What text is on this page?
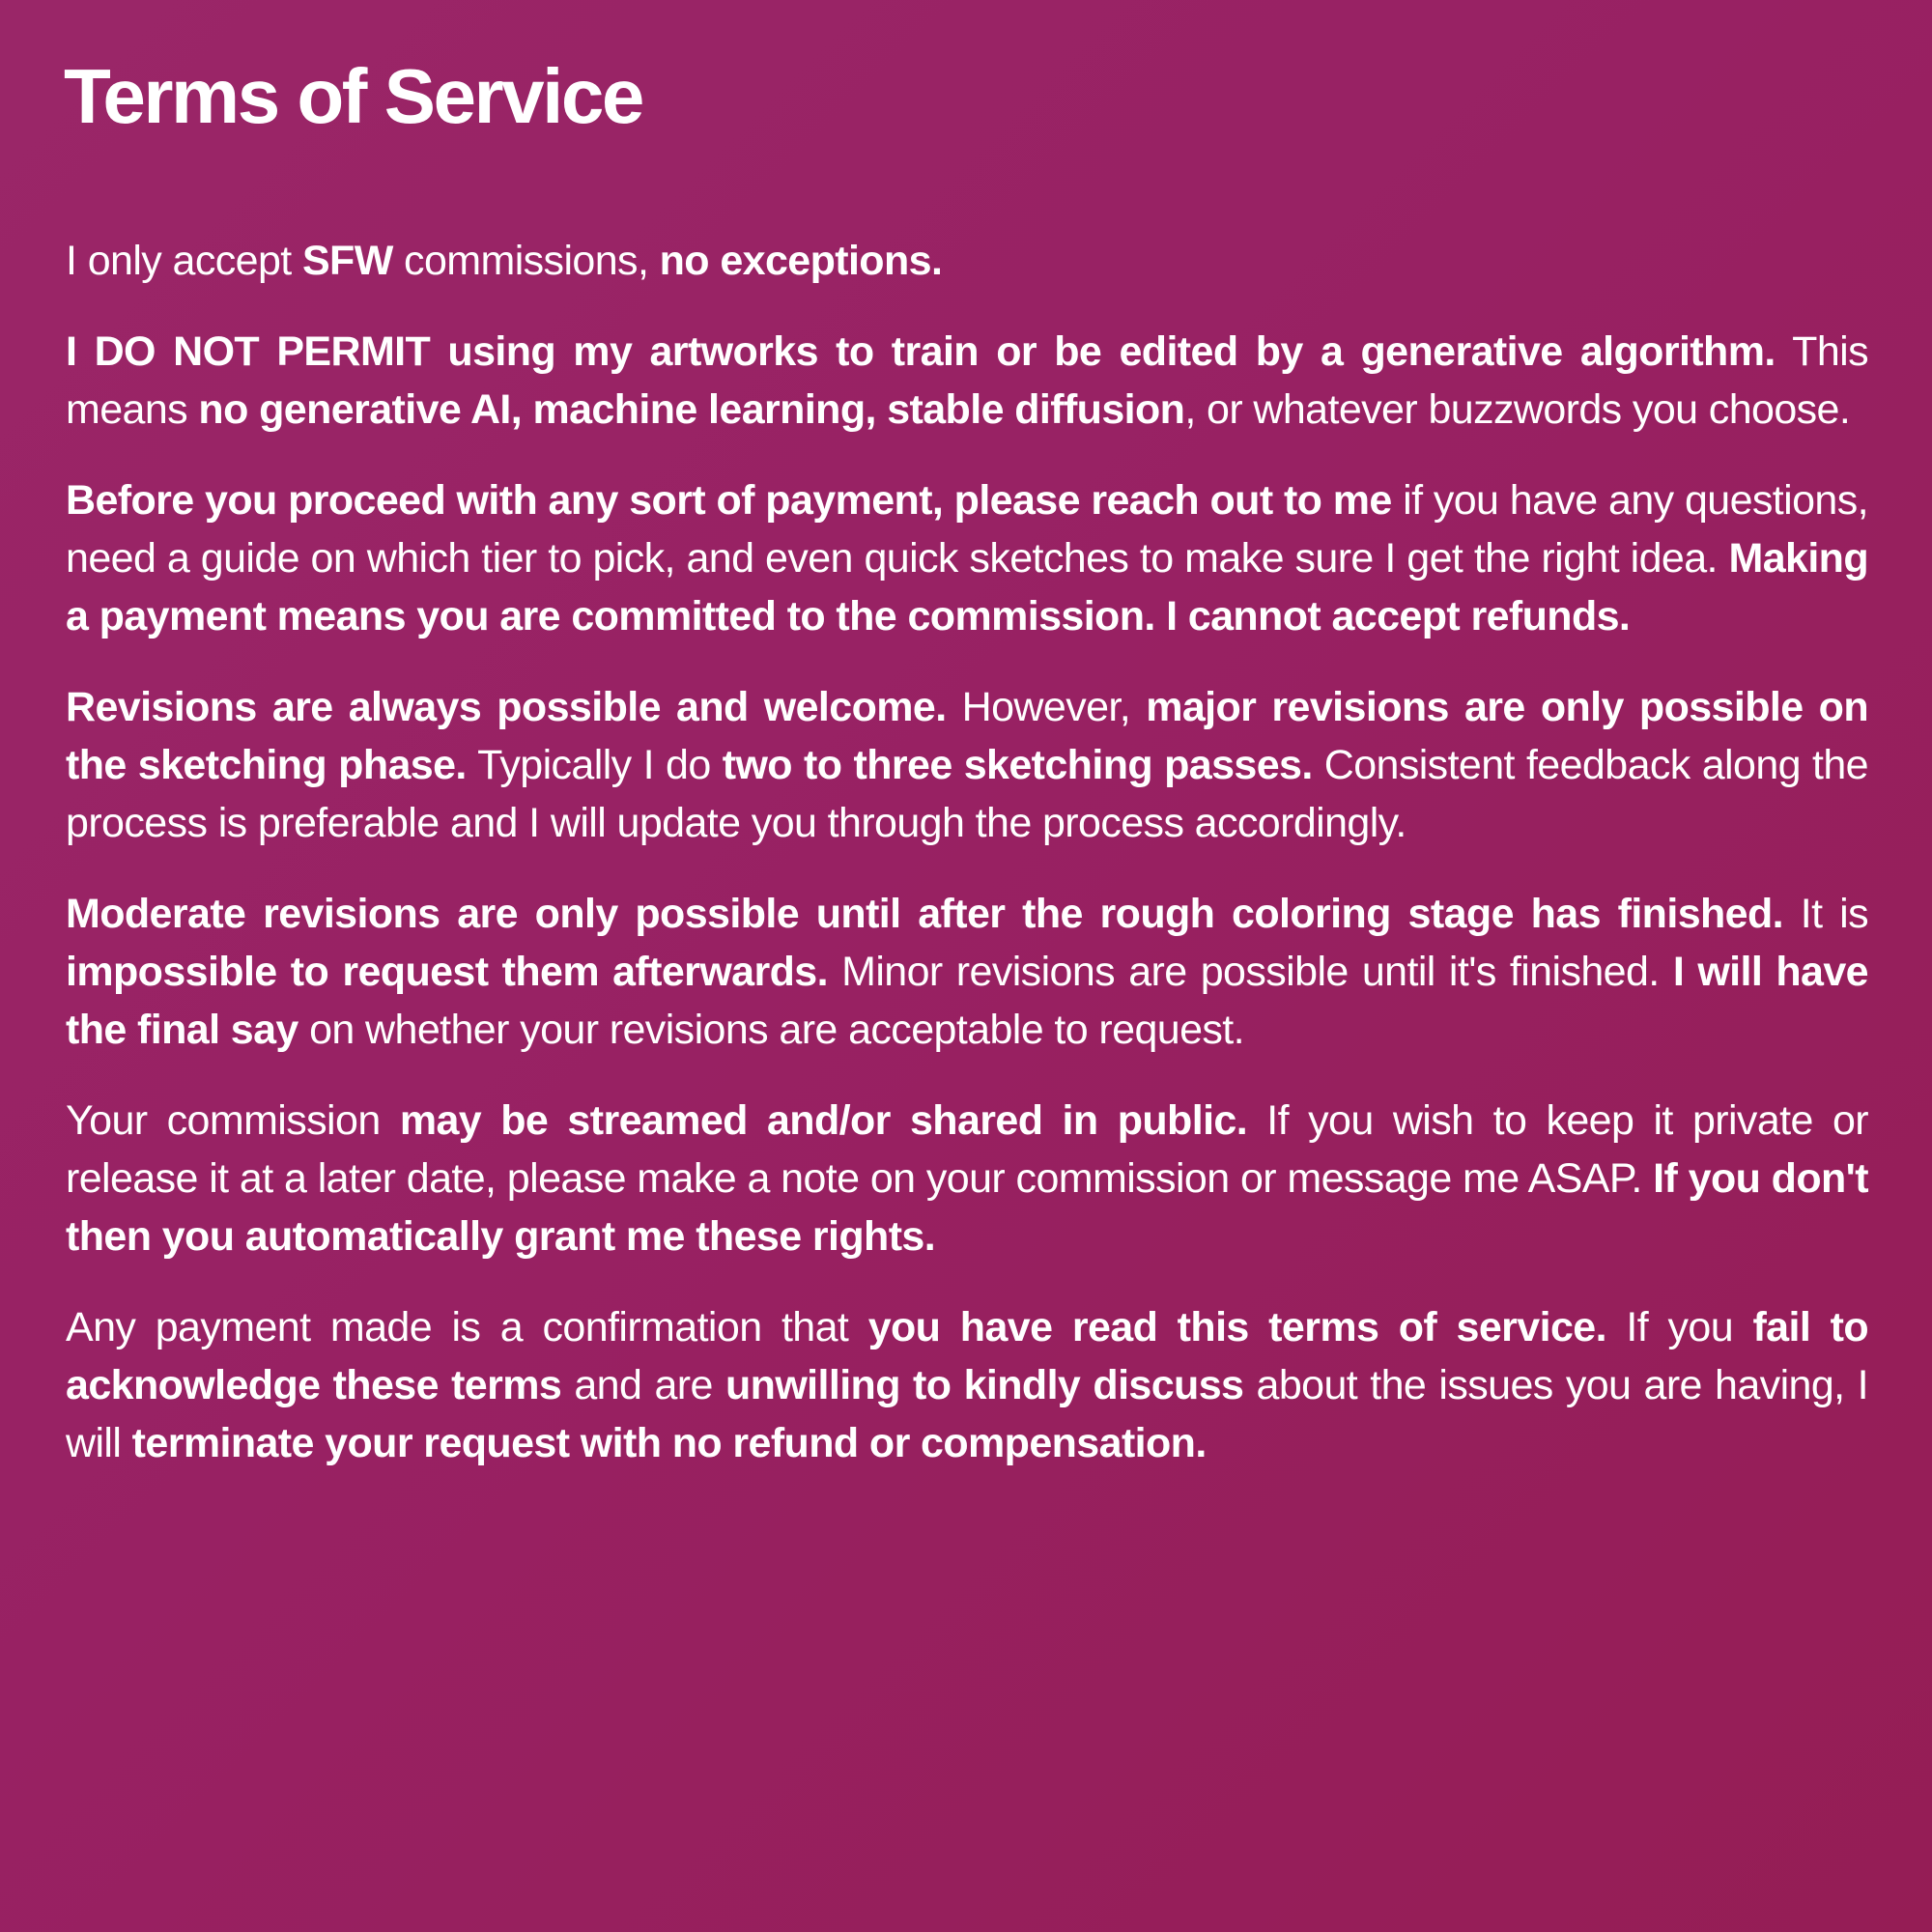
Terms of Service

I only accept SFW commissions, no exceptions.

I DO NOT PERMIT using my artworks to train or be edited by a generative algorithm. This means no generative AI, machine learning, stable diffusion, or whatever buzzwords you choose.

Before you proceed with any sort of payment, please reach out to me if you have any questions, need a guide on which tier to pick, and even quick sketches to make sure I get the right idea. Making a payment means you are committed to the commission. I cannot accept refunds.

Revisions are always possible and welcome. However, major revisions are only possible on the sketching phase. Typically I do two to three sketching passes. Consistent feedback along the process is preferable and I will update you through the process accordingly.

Moderate revisions are only possible until after the rough coloring stage has finished. It is impossible to request them afterwards. Minor revisions are possible until it's finished. I will have the final say on whether your revisions are acceptable to request.

Your commission may be streamed and/or shared in public. If you wish to keep it private or release it at a later date, please make a note on your commission or message me ASAP. If you don't then you automatically grant me these rights.

Any payment made is a confirmation that you have read this terms of service. If you fail to acknowledge these terms and are unwilling to kindly discuss about the issues you are having, I will terminate your request with no refund or compensation.
